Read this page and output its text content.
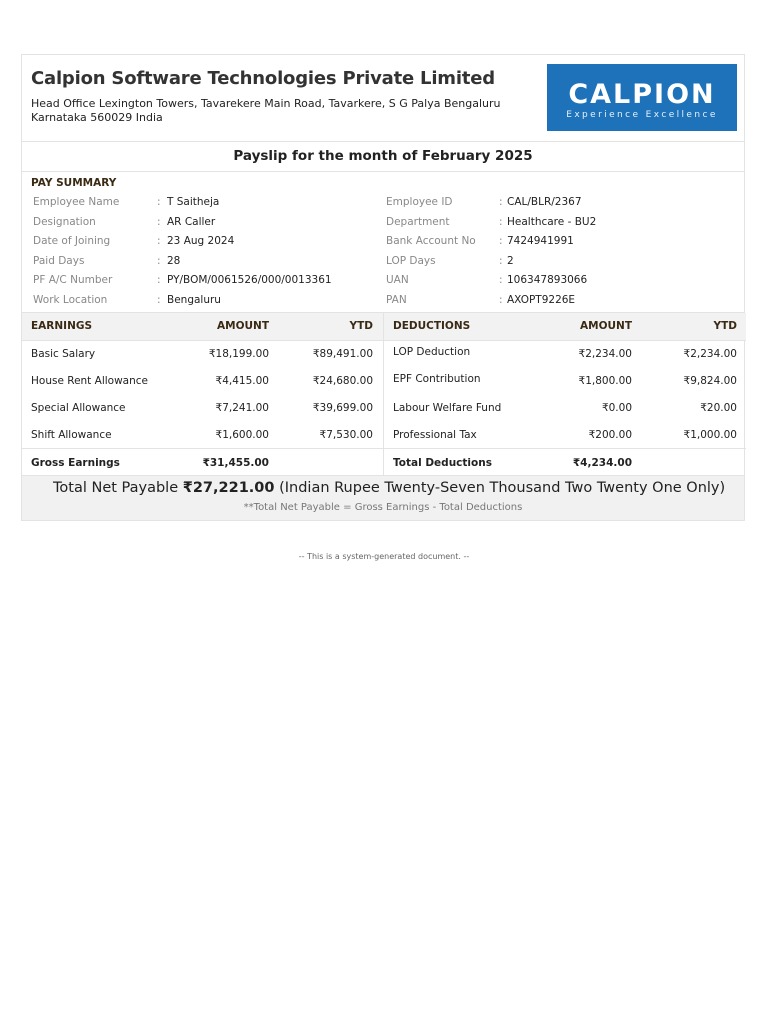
Calpion Software Technologies Private Limited
Head Office Lexington Towers, Tavarekere Main Road, Tavarkere, S G Palya Bengaluru
Karnataka 560029 India
CALPION
Experience Excellence
Payslip for the month of February 2025
PAY SUMMARY
Employee Name	: T Saitheja
Designation	: AR Caller
Date of Joining	: 23 Aug 2024
Paid Days	: 28
PF A/C Number	: PY/BOM/0061526/000/0013361
Work Location	: Bengaluru
Employee ID	: CAL/BLR/2367
Department	: Healthcare - BU2
Bank Account No : 7424941991
LOP Days	: 2
UAN	: 106347893066
PAN	: AXOPT9226E
EARNINGS	AMOUNT	YTD
Basic Salary	₹18,199.00	₹89,491.00
House Rent Allowance	₹4,415.00	₹24,680.00
Special Allowance	₹7,241.00	₹39,699.00
Shift Allowance	₹1,600.00	₹7,530.00
Gross Earnings	₹31,455.00
DEDUCTIONS	AMOUNT	YTD
LOP Deduction	₹2,234.00	₹2,234.00
EPF Contribution	₹1,800.00	₹9,824.00
Labour Welfare Fund	₹0.00	₹20.00
Professional Tax	₹200.00	₹1,000.00
Total Deductions	₹4,234.00
Total Net Payable ₹27,221.00 (Indian Rupee Twenty-Seven Thousand Two Twenty One Only)
**Total Net Payable = Gross Earnings - Total Deductions
-- This is a system-generated document. --
